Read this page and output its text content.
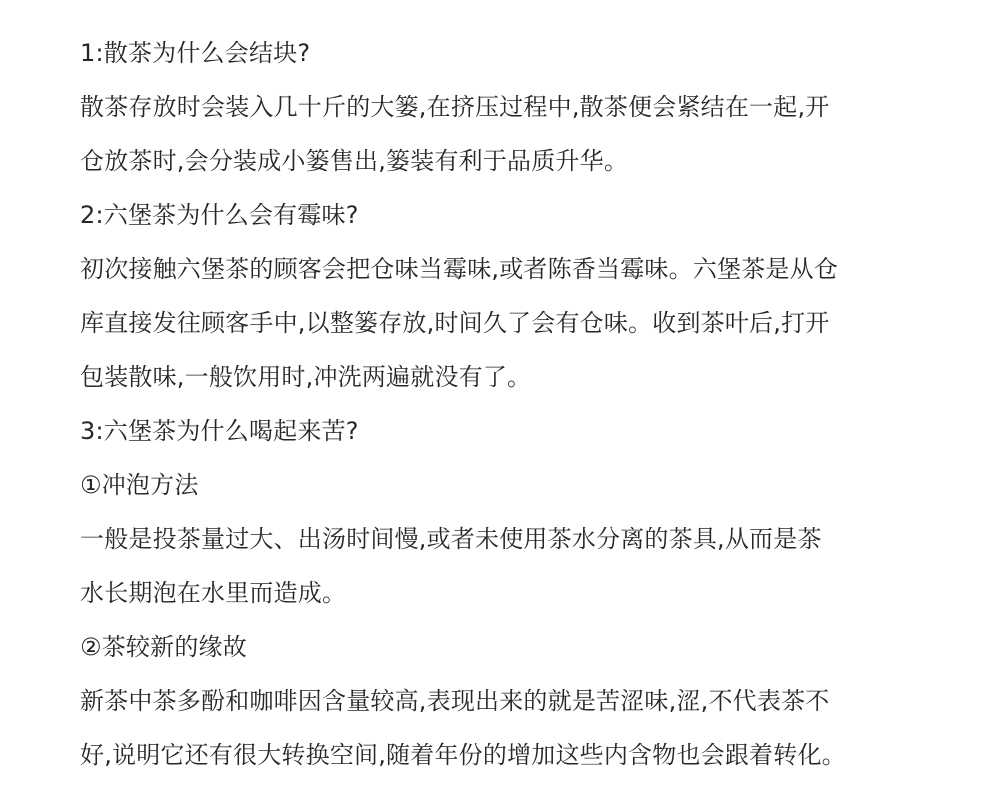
1:散茶为什么会结块?
散茶存放时会装入几十斤的大篓,在挤压过程中,散茶便会紧结在一起,开
仓放茶时,会分装成小篓售出,篓装有利于品质升华。
2:六堡茶为什么会有霉味?
初次接触六堡茶的顾客会把仓味当霉味,或者陈香当霉味。六堡茶是从仓
库直接发往顾客手中,以整篓存放,时间久了会有仓味。收到茶叶后,打开
包装散味,一般饮用时,冲洗两遍就没有了。
3:六堡茶为什么喝起来苦?
①冲泡方法
一般是投茶量过大、出汤时间慢,或者未使用茶水分离的茶具,从而是茶
水长期泡在水里而造成。
②茶较新的缘故
新茶中茶多酚和咖啡因含量较高,表现出来的就是苦涩味,涩,不代表茶不
好,说明它还有很大转换空间,随着年份的增加这些内含物也会跟着转化。
